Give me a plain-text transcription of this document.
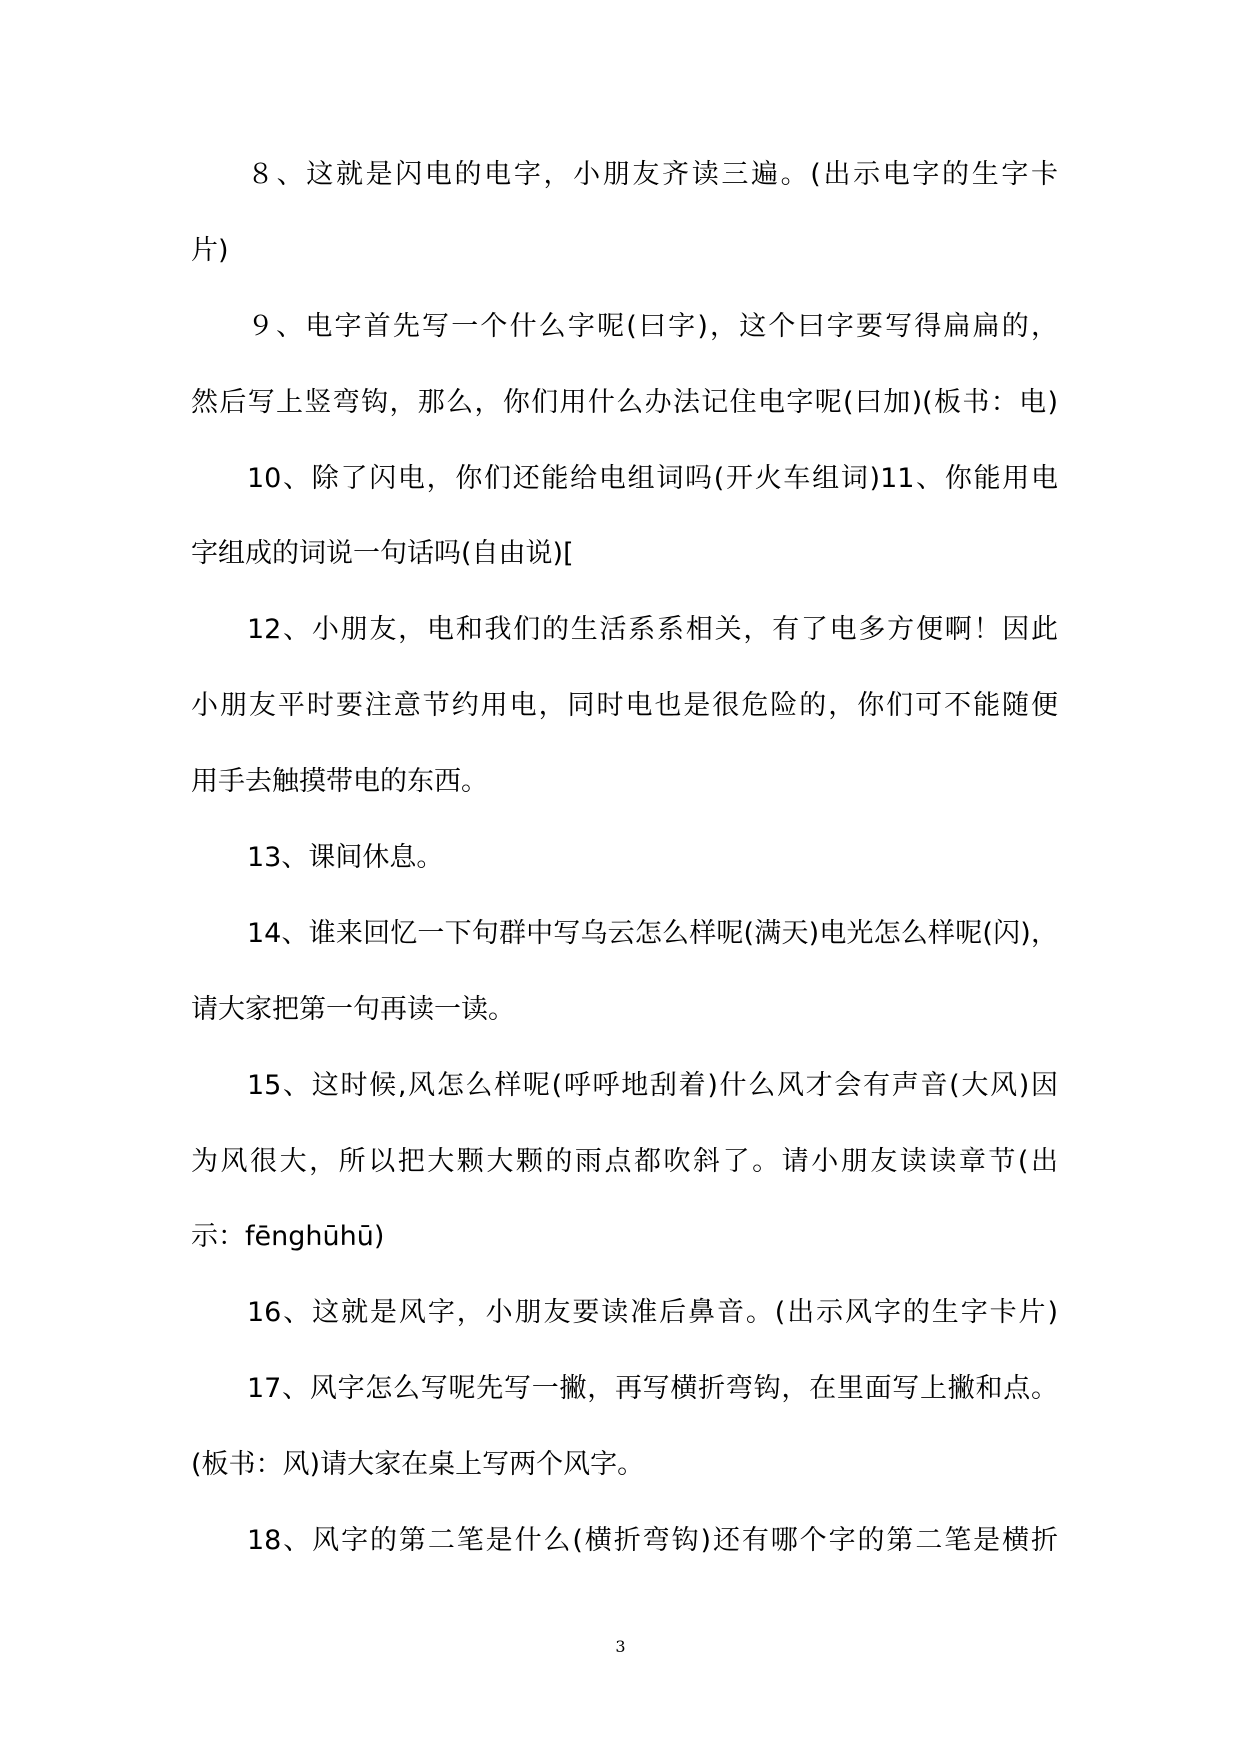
８、这就是闪电的电字，小朋友齐读三遍。(出示电字的生字卡
片)
９、电字首先写一个什么字呢(曰字)，这个曰字要写得扁扁的，
然后写上竖弯钩，那么，你们用什么办法记住电字呢(曰加)(板书：电)
10、除了闪电，你们还能给电组词吗(开火车组词)11、你能用电
字组成的词说一句话吗(自由说)[
12、小朋友，电和我们的生活系系相关，有了电多方便啊！因此
小朋友平时要注意节约用电，同时电也是很危险的，你们可不能随便
用手去触摸带电的东西。
13、课间休息。
14、谁来回忆一下句群中写乌云怎么样呢(满天)电光怎么样呢(闪)，
请大家把第一句再读一读。
15、这时候,风怎么样呢(呼呼地刮着)什么风才会有声音(大风)因
为风很大，所以把大颗大颗的雨点都吹斜了。请小朋友读读章节(出
示：fēnghūhū)
16、这就是风字，小朋友要读准后鼻音。(出示风字的生字卡片)
17、风字怎么写呢先写一撇，再写横折弯钩，在里面写上撇和点。
(板书：风)请大家在桌上写两个风字。
18、风字的第二笔是什么(横折弯钩)还有哪个字的第二笔是横折
3
